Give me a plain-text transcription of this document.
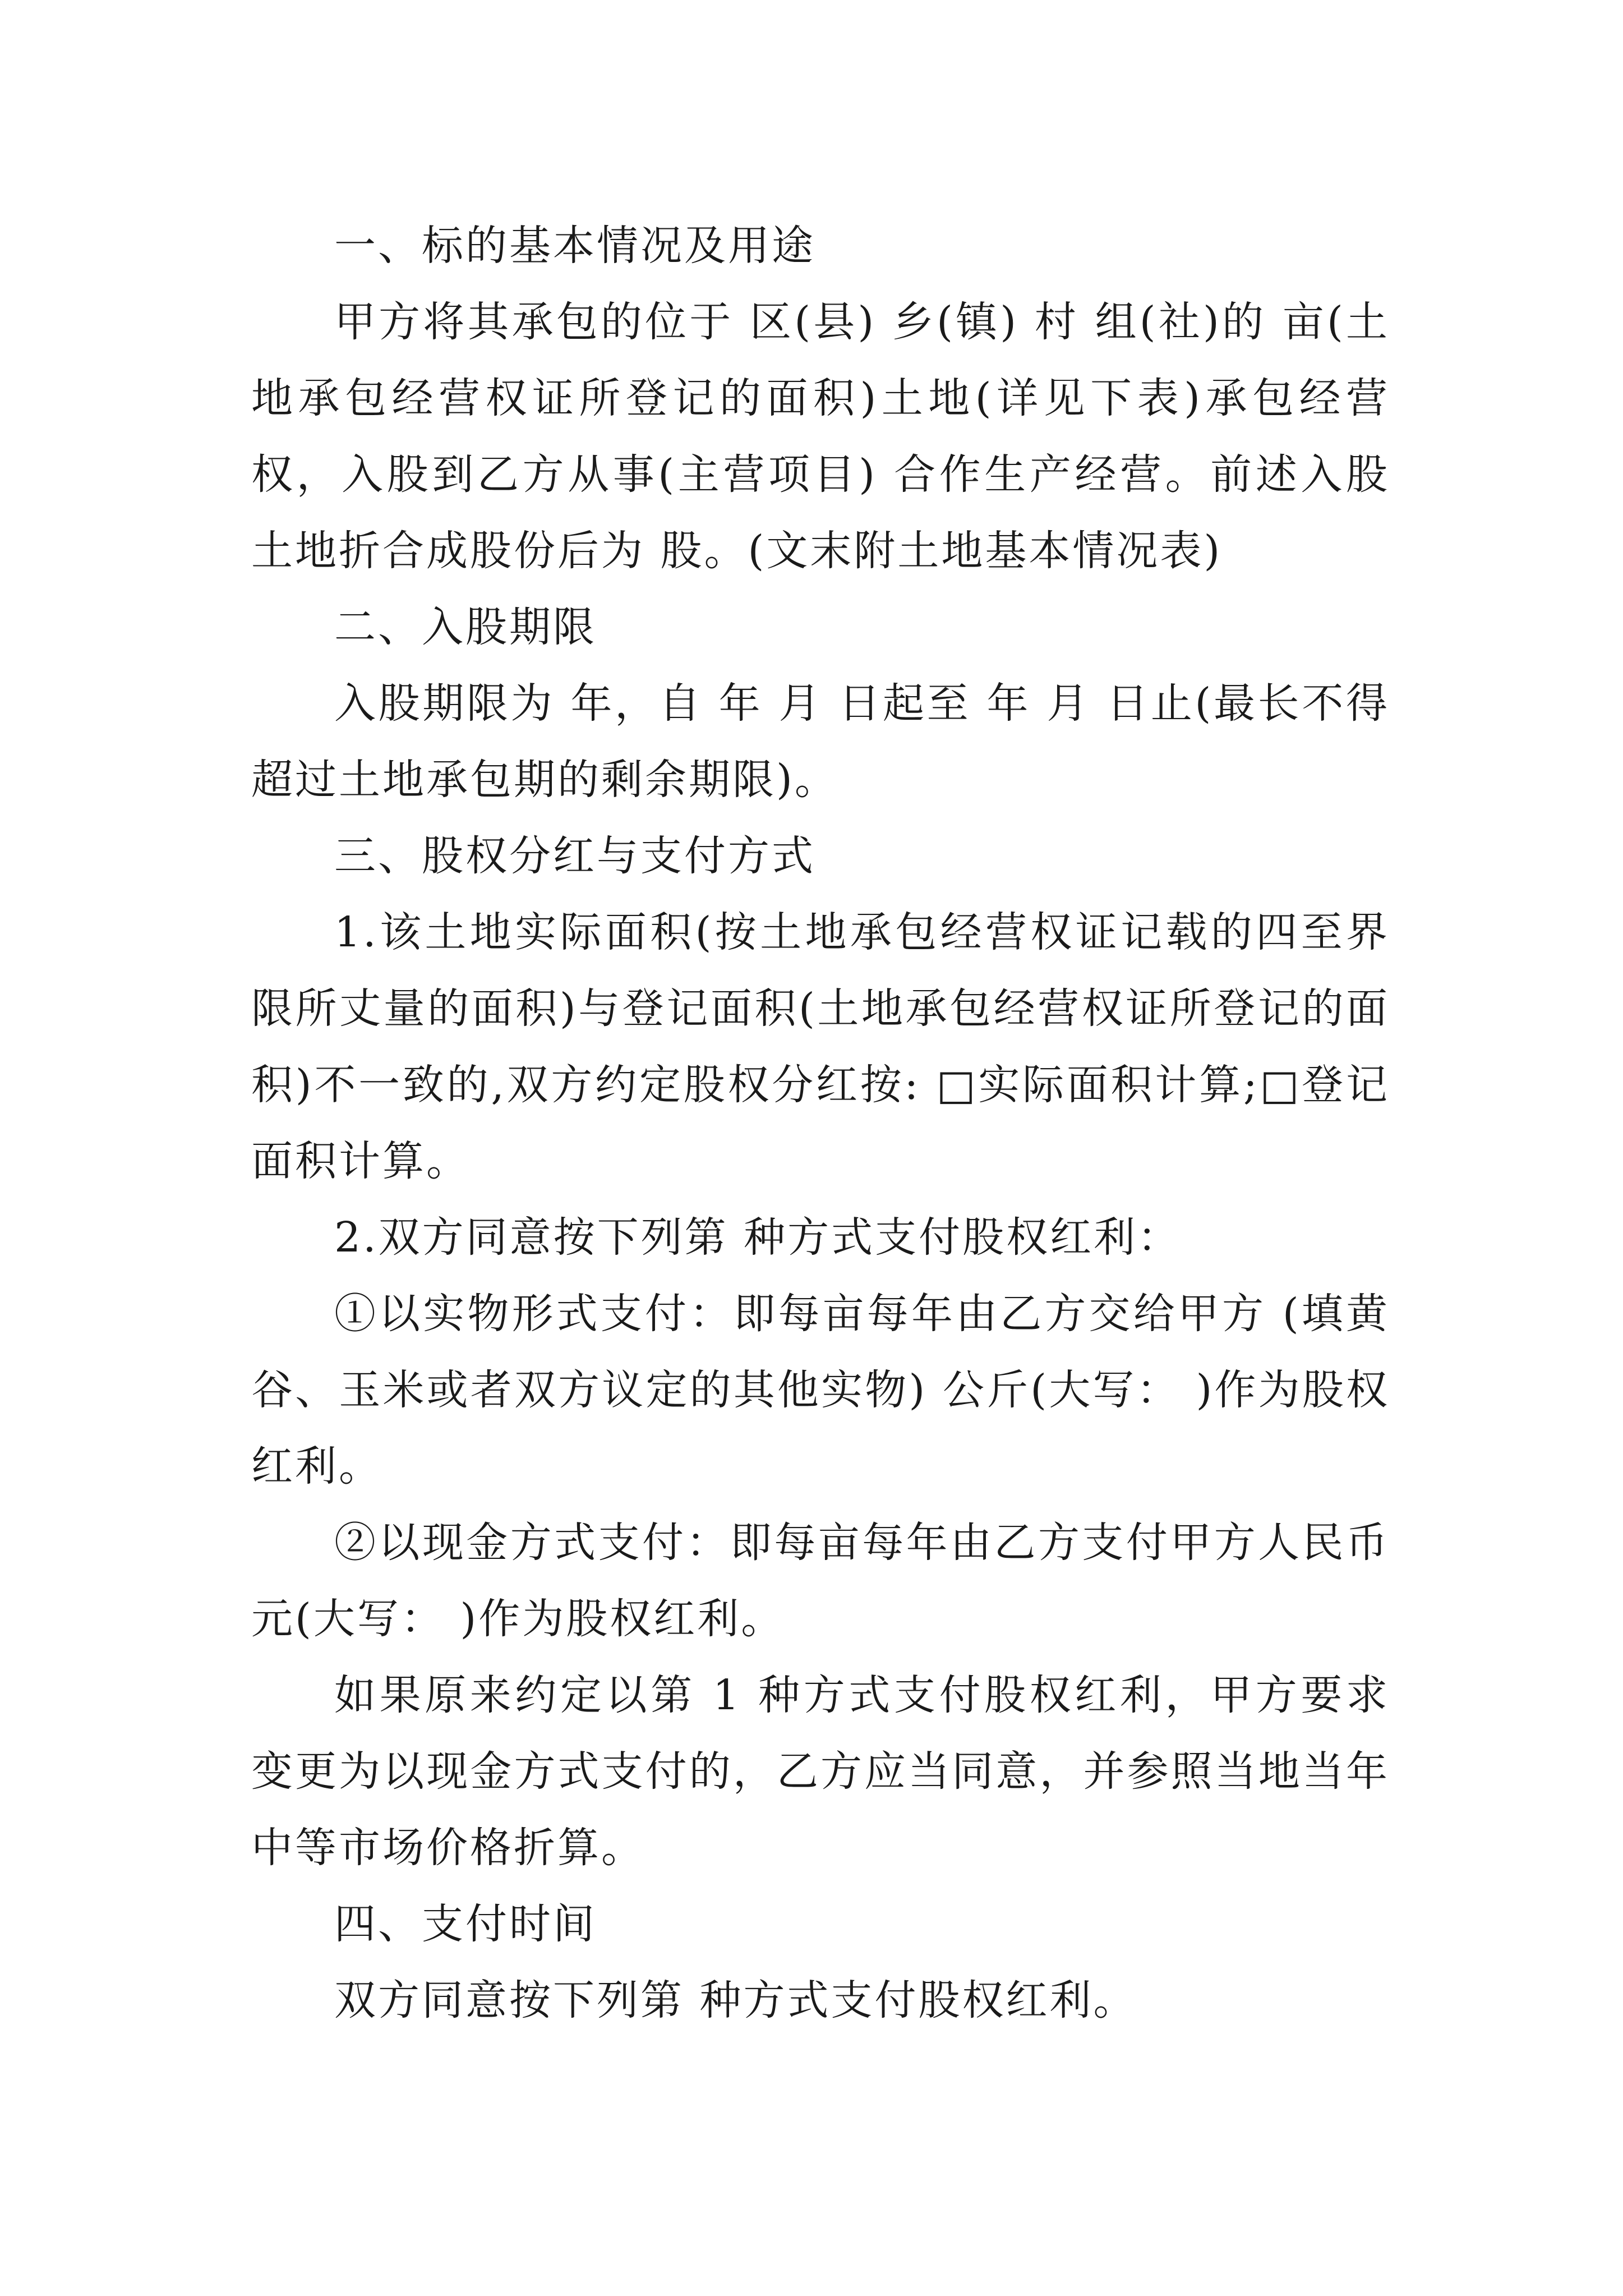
一、标的基本情况及用途

甲方将其承包的位于 区(县) 乡(镇) 村 组(社)的 亩(土地承包经营权证所登记的面积)土地(详见下表)承包经营权，入股到乙方从事(主营项目) 合作生产经营。前述入股土地折合成股份后为 股。(文末附土地基本情况表)

二、入股期限

入股期限为 年，自 年 月 日起至 年 月 日止(最长不得超过土地承包期的剩余期限)。

三、股权分红与支付方式

1.该土地实际面积(按土地承包经营权证记载的四至界限所丈量的面积)与登记面积(土地承包经营权证所登记的面积)不一致的,双方约定股权分红按: □实际面积计算;□登记面积计算。

2.双方同意按下列第 种方式支付股权红利：

①以实物形式支付：即每亩每年由乙方交给甲方 (填黄谷、玉米或者双方议定的其他实物) 公斤(大写： )作为股权红利。

②以现金方式支付：即每亩每年由乙方支付甲方人民币 元(大写： )作为股权红利。

如果原来约定以第 1 种方式支付股权红利，甲方要求变更为以现金方式支付的，乙方应当同意，并参照当地当年中等市场价格折算。

四、支付时间

双方同意按下列第 种方式支付股权红利。
